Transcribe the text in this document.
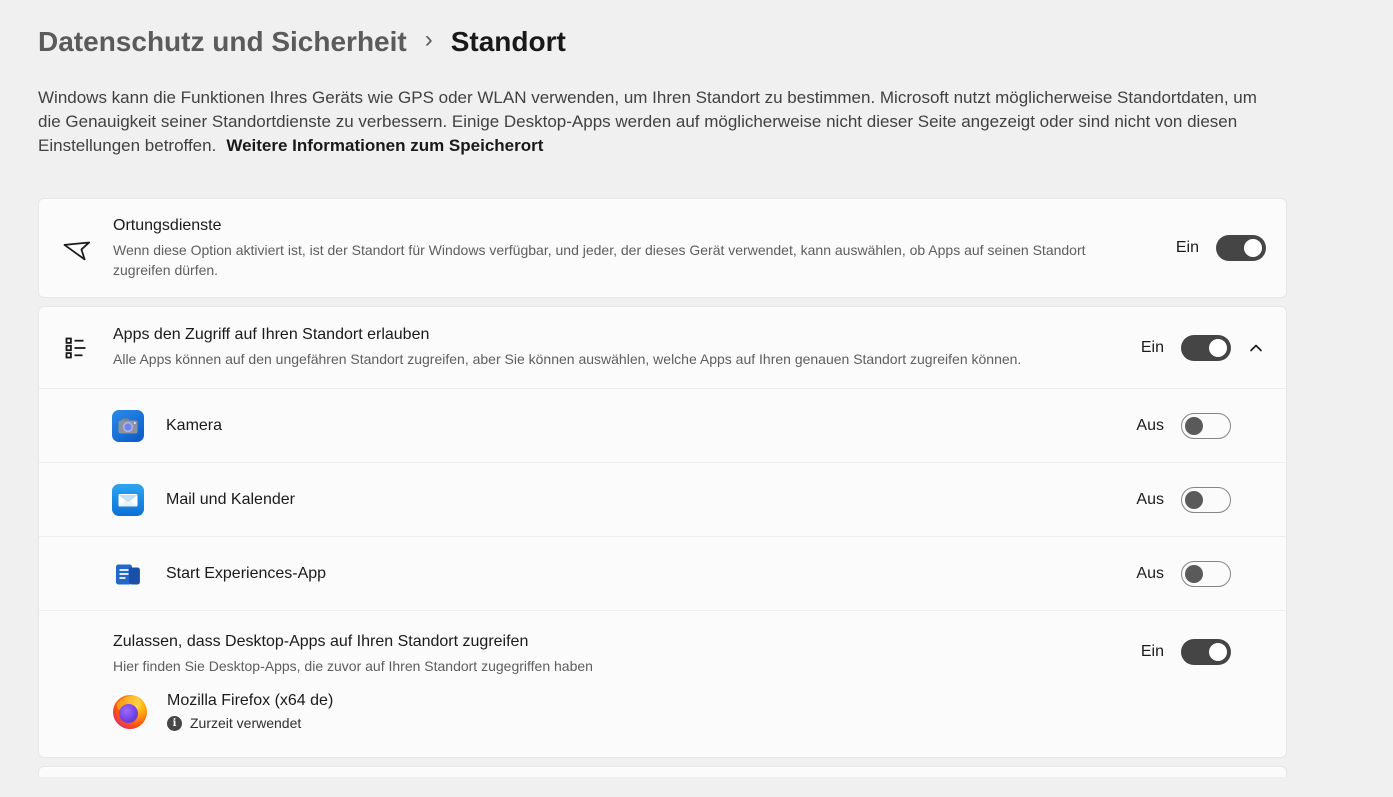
Datenschutz und Sicherheit › Standort
Windows kann die Funktionen Ihres Geräts wie GPS oder WLAN verwenden, um Ihren Standort zu bestimmen. Microsoft nutzt möglicherweise Standortdaten, um die Genauigkeit seiner Standortdienste zu verbessern. Einige Desktop-Apps werden auf möglicherweise nicht dieser Seite angezeigt oder sind nicht von diesen Einstellungen betroffen. Weitere Informationen zum Speicherort
Ortungsdienste
Wenn diese Option aktiviert ist, ist der Standort für Windows verfügbar, und jeder, der dieses Gerät verwendet, kann auswählen, ob Apps auf seinen Standort zugreifen dürfen.
Ein
Apps den Zugriff auf Ihren Standort erlauben
Alle Apps können auf den ungefähren Standort zugreifen, aber Sie können auswählen, welche Apps auf Ihren genauen Standort zugreifen können.
Ein
Kamera	Aus
Mail und Kalender	Aus
Start Experiences-App	Aus
Zulassen, dass Desktop-Apps auf Ihren Standort zugreifen
Hier finden Sie Desktop-Apps, die zuvor auf Ihren Standort zugegriffen haben
Mozilla Firefox (x64 de)
i Zurzeit verwendet
Ein
